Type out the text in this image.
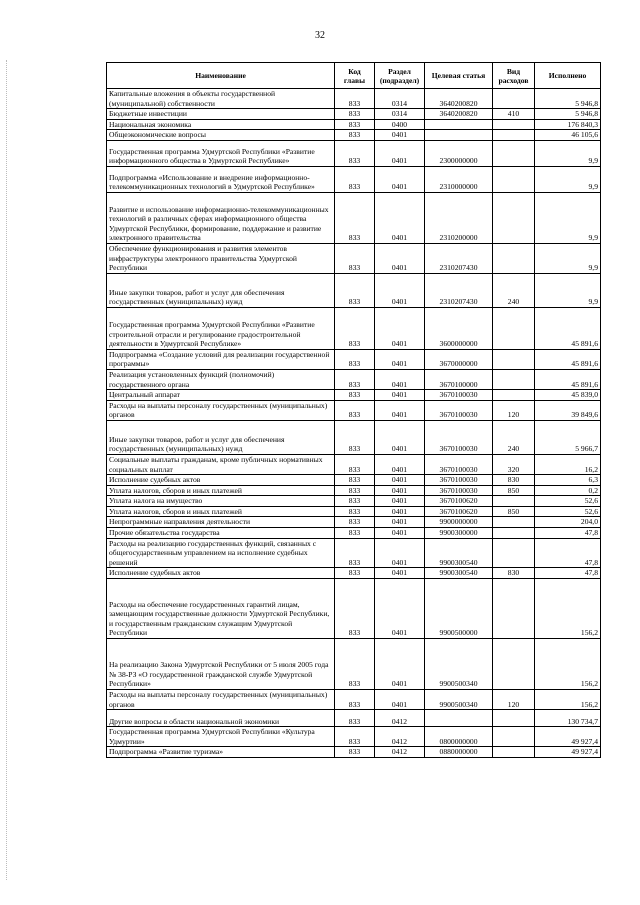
32
Наименование	Код главы	Раздел (подраздел)	Целевая статья	Вид расходов	Исполнено
Капитальные вложения в объекты государственной (муниципальной) собственности	833	0314	3640200820		5 946,8
Бюджетные инвестиции	833	0314	3640200820	410	5 946,8
Национальная экономика	833	0400			176 840,3
Общеэкономические вопросы	833	0401			46 105,6
Государственная программа Удмуртской Республики «Развитие информационного общества в Удмуртской Республике»	833	0401	2300000000		9,9
Подпрограмма «Использование и внедрение информационно-телекоммуникационных технологий в Удмуртской Республике»	833	0401	2310000000		9,9
Развитие и использование информационно-телекоммуникационных технологий в различных сферах информационного общества Удмуртской Республики, формирование, поддержание и развитие электронного правительства	833	0401	2310200000		9,9
Обеспечение функционирования и развития элементов инфраструктуры электронного правительства Удмуртской Республики	833	0401	2310207430		9,9
Иные закупки товаров, работ и услуг для обеспечения государственных (муниципальных) нужд	833	0401	2310207430	240	9,9
Государственная программа Удмуртской Республики «Развитие строительной отрасли и регулирование градостроительной деятельности в Удмуртской Республике»	833	0401	3600000000		45 891,6
Подпрограмма «Создание условий для реализации государственной программы»	833	0401	3670000000		45 891,6
Реализация установленных функций (полномочий) государственного органа	833	0401	3670100000		45 891,6
Центральный аппарат	833	0401	3670100030		45 839,0
Расходы на выплаты персоналу государственных (муниципальных) органов	833	0401	3670100030	120	39 849,6
Иные закупки товаров, работ и услуг для обеспечения государственных (муниципальных) нужд	833	0401	3670100030	240	5 966,7
Социальные выплаты гражданам, кроме публичных нормативных социальных выплат	833	0401	3670100030	320	16,2
Исполнение судебных актов	833	0401	3670100030	830	6,3
Уплата налогов, сборов и иных платежей	833	0401	3670100030	850	0,2
Уплата налога на имущество	833	0401	3670100620		52,6
Уплата налогов, сборов и иных платежей	833	0401	3670100620	850	52,6
Непрограммные направления деятельности	833	0401	9900000000		204,0
Прочие обязательства государства	833	0401	9900300000		47,8
Расходы на реализацию государственных функций, связанных с общегосударственным управлением на исполнение судебных решений	833	0401	9900300540		47,8
Исполнение судебных актов	833	0401	9900300540	830	47,8
Расходы на обеспечение государственных гарантий лицам, замещающим государственные должности Удмуртской Республики, и государственным гражданским служащим Удмуртской Республики	833	0401	9900500000		156,2
На реализацию Закона Удмуртской Республики от 5 июля 2005 года № 38-РЗ «О государственной гражданской службе Удмуртской Республики»	833	0401	9900500340		156,2
Расходы на выплаты персоналу государственных (муниципальных) органов	833	0401	9900500340	120	156,2
Другие вопросы в области национальной экономики	833	0412			130 734,7
Государственная программа Удмуртской Республики «Культура Удмуртии»	833	0412	0800000000		49 927,4
Подпрограмма «Развитие туризма»	833	0412	0880000000		49 927,4
